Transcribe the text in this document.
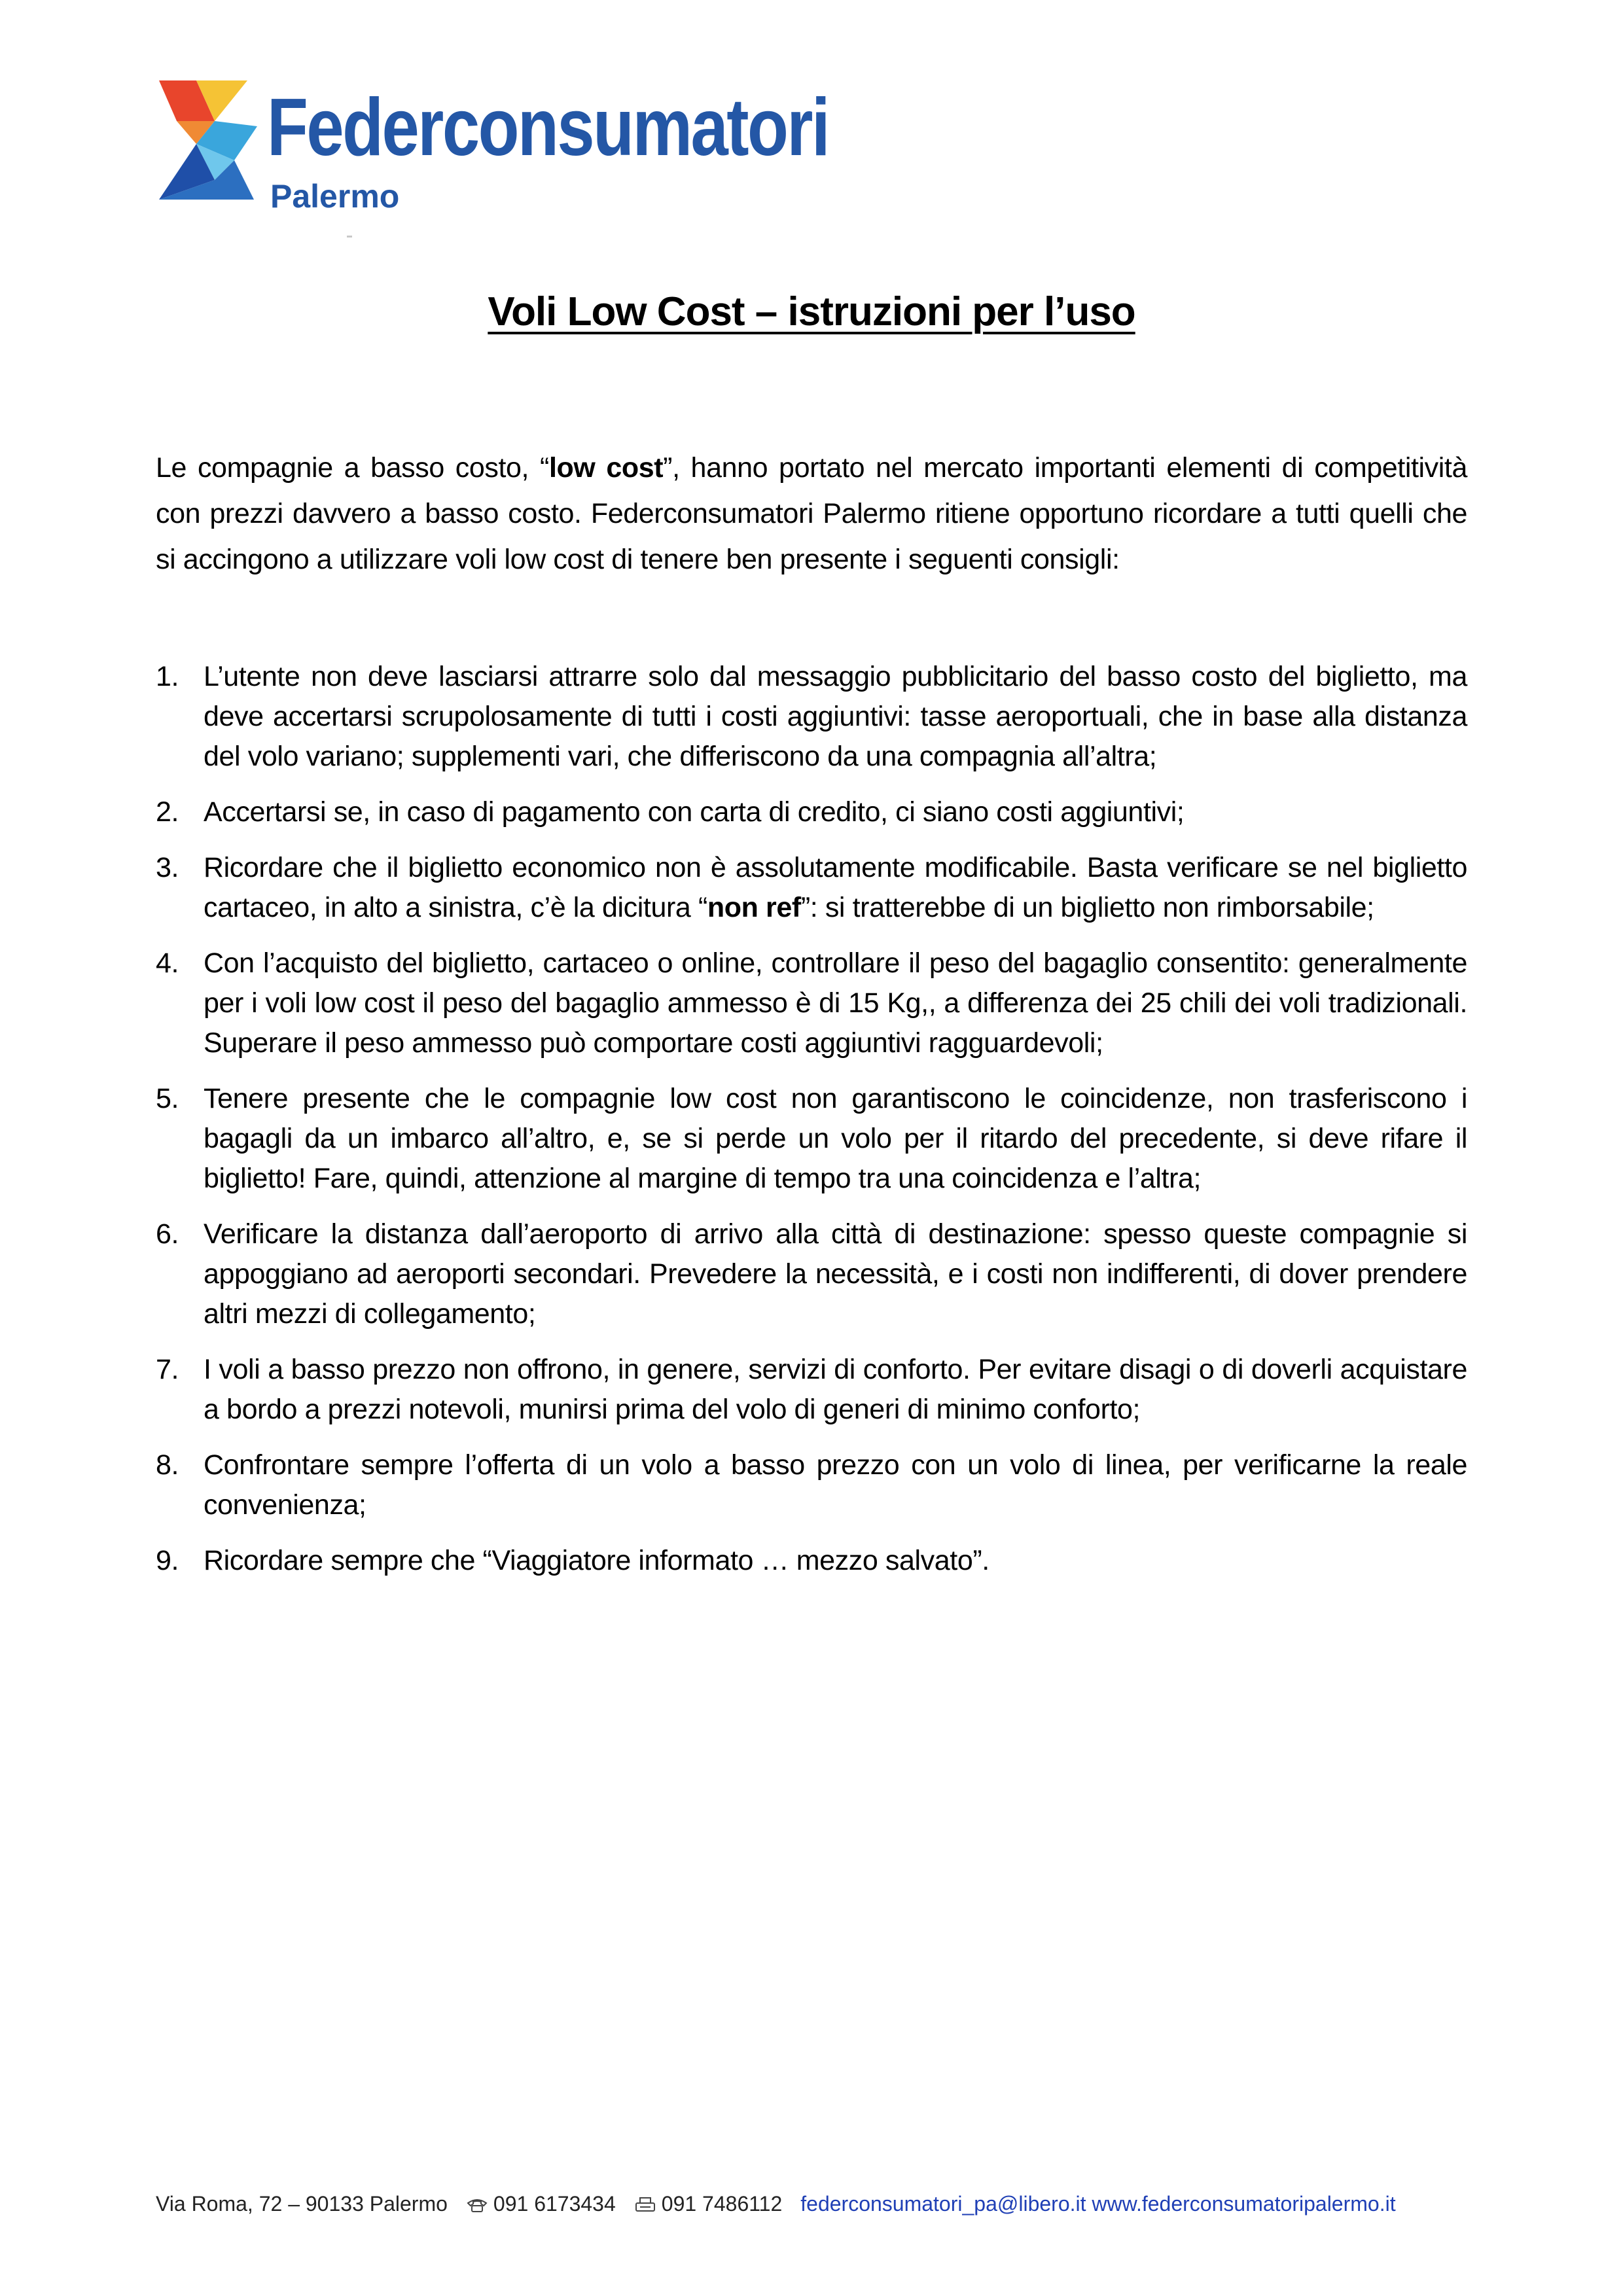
Federconsumatori

Palermo

Voli Low Cost – istruzioni per l’uso

Le compagnie a basso costo, “low cost”, hanno portato nel mercato importanti elementi di competitività con prezzi davvero a basso costo. Federconsumatori Palermo ritiene opportuno ricordare a tutti quelli che si accingono a utilizzare voli low cost di tenere ben presente i seguenti consigli:

1. L’utente non deve lasciarsi attrarre solo dal messaggio pubblicitario del basso costo del biglietto, ma deve accertarsi scrupolosamente di tutti i costi aggiuntivi: tasse aeroportuali, che in base alla distanza del volo variano; supplementi vari, che differiscono da una compagnia all’altra;
2. Accertarsi se, in caso di pagamento con carta di credito, ci siano costi aggiuntivi;
3. Ricordare che il biglietto economico non è assolutamente modificabile. Basta verificare se nel biglietto cartaceo, in alto a sinistra, c’è la dicitura “non ref”: si tratterebbe di un biglietto non rimborsabile;
4. Con l’acquisto del biglietto, cartaceo o online, controllare il peso del bagaglio consentito: generalmente per i voli low cost il peso del bagaglio ammesso è di 15 Kg,, a differenza dei 25 chili dei voli tradizionali. Superare il peso ammesso può comportare costi aggiuntivi ragguardevoli;
5. Tenere presente che le compagnie low cost non garantiscono le coincidenze, non trasferiscono i bagagli da un imbarco all’altro, e, se si perde un volo per il ritardo del precedente, si deve rifare il biglietto! Fare, quindi, attenzione al margine di tempo tra una coincidenza e l’altra;
6. Verificare la distanza dall’aeroporto di arrivo alla città di destinazione: spesso queste compagnie si appoggiano ad aeroporti secondari. Prevedere la necessità, e i costi non indifferenti, di dover prendere altri mezzi di collegamento;
7. I voli a basso prezzo non offrono, in genere, servizi di conforto. Per evitare disagi o di doverli acquistare a bordo a prezzi notevoli, munirsi prima del volo di generi di minimo conforto;
8. Confrontare sempre l’offerta di un volo a basso prezzo con un volo di linea, per verificarne la reale convenienza;
9. Ricordare sempre che “Viaggiatore informato … mezzo salvato”.

Via Roma, 72 – 90133 Palermo 091 6173434 091 7486112 federconsumatori_pa@libero.it www.federconsumatoripalermo.it
